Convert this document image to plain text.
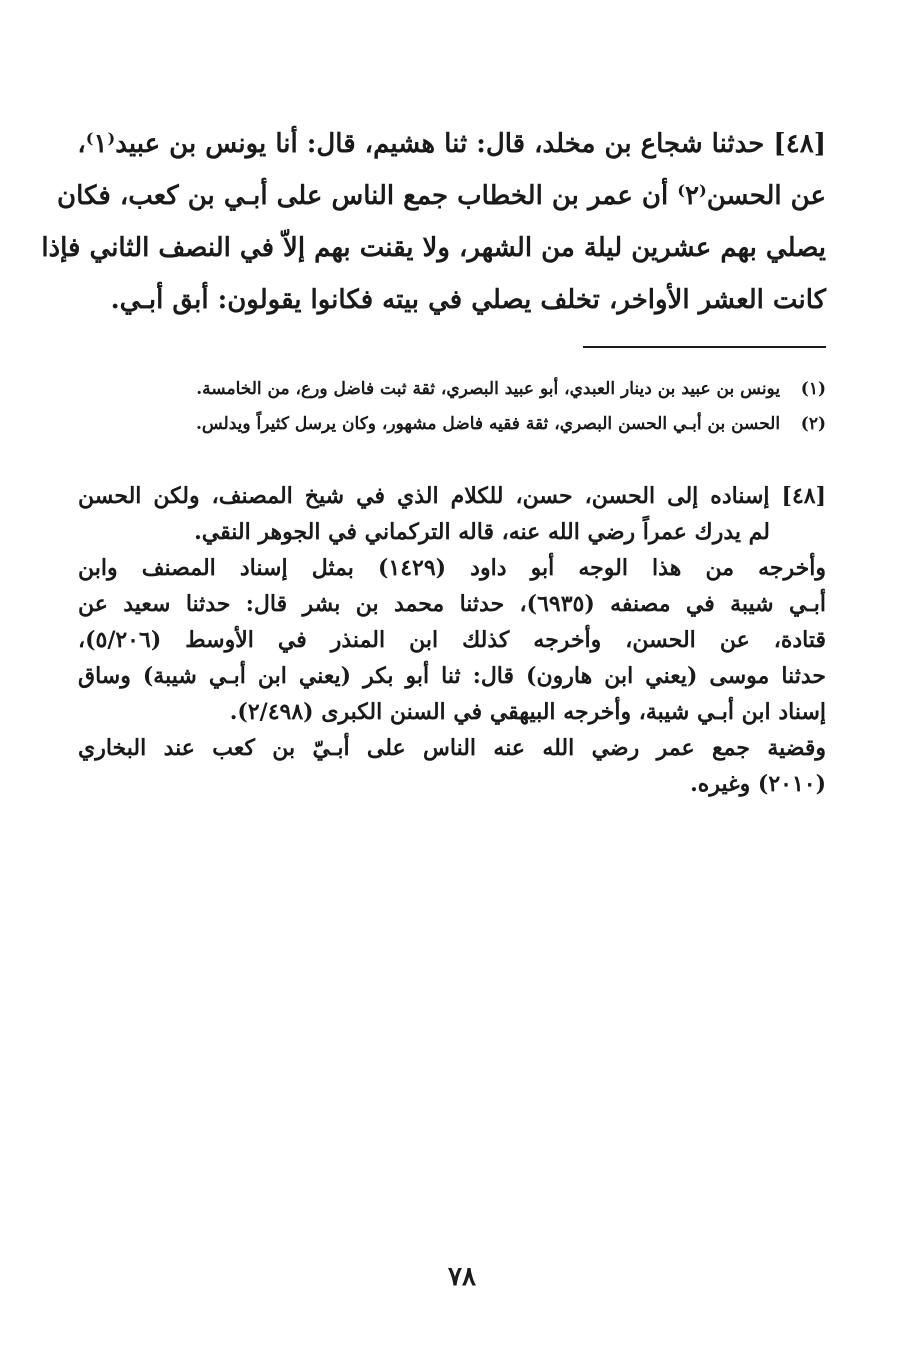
[٤٨] حدثنا شجاع بن مخلد، قال: ثنا هشيم، قال: أنا يونس بن عبيد⁽١⁾،
عن الحسن⁽٢⁾ أن عمر بن الخطاب جمع الناس على أبـي بن كعب، فكان
يصلي بهم عشرين ليلة من الشهر، ولا يقنت بهم إلاّ في النصف الثاني فإذا
كانت العشر الأواخر، تخلف يصلي في بيته فكانوا يقولون: أبق أبـي.
(١) يونس بن عبيد بن دينار العبدي، أبو عبيد البصري، ثقة ثبت فاضل ورع، من الخامسة.
(٢) الحسن بن أبـي الحسن البصري، ثقة فقيه فاضل مشهور، وكان يرسل كثيراً ويدلس.
[٤٨] إسناده إلى الحسن، حسن، للكلام الذي في شيخ المصنف، ولكن الحسن
لم يدرك عمراً رضي الله عنه، قاله التركماني في الجوهر النقي.
وأخرجه من هذا الوجه أبو داود (١٤٢٩) بمثل إسناد المصنف وابن
أبـي شيبة في مصنفه (٦٩٣٥)، حدثنا محمد بن بشر قال: حدثنا سعيد عن
قتادة، عن الحسن، وأخرجه كذلك ابن المنذر في الأوسط (٥/٢٠٦)،
حدثنا موسى (يعني ابن هارون) قال: ثنا أبو بكر (يعني ابن أبـي شيبة) وساق
إسناد ابن أبـي شيبة، وأخرجه البيهقي في السنن الكبرى (٢/٤٩٨).
وقضية جمع عمر رضي الله عنه الناس على أبـيّ بن كعب عند البخاري
(٢٠١٠) وغيره.
٧٨
